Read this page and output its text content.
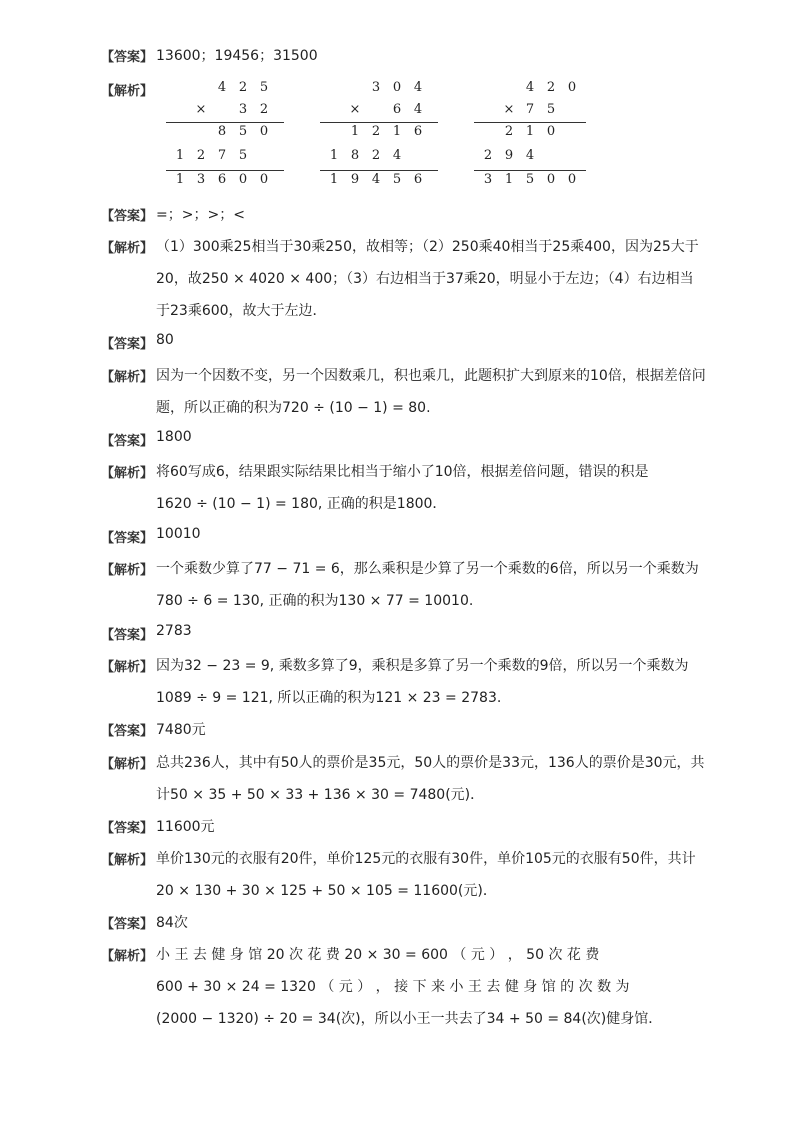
【答案】 13600；19456；31500
【解析】
【答案】 =；>；>；<
【解析】 （1）300乘25相当于30乘250，故相等；（2）250乘40相当于25乘400，因为25大于
20，故250 × 4020 × 400；（3）右边相当于37乘20，明显小于左边；（4）右边相当
于23乘600，故大于左边．
【答案】 80
【解析】 因为一个因数不变，另一个因数乘几，积也乘几，此题积扩大到原来的10倍，根据差倍问
题，所以正确的积为720 ÷ (10 − 1) = 80.
【答案】 1800
【解析】 将60写成6，结果跟实际结果比相当于缩小了10倍，根据差倍问题，错误的积是
1620 ÷ (10 − 1) = 180, 正确的积是1800．
【答案】 10010
【解析】 一个乘数少算了77 − 71 = 6，那么乘积是少算了另一个乘数的6倍，所以另一个乘数为
780 ÷ 6 = 130, 正确的积为130 × 77 = 10010.
【答案】 2783
【解析】 因为32 − 23 = 9, 乘数多算了9，乘积是多算了另一个乘数的9倍，所以另一个乘数为
1089 ÷ 9 = 121, 所以正确的积为121 × 23 = 2783.
【答案】 7480元
【解析】 总共236人，其中有50人的票价是35元，50人的票价是33元，136人的票价是30元，共
计50 × 35 + 50 × 33 + 136 × 30 = 7480(元)．
【答案】 11600元
【解析】 单价130元的衣服有20件，单价125元的衣服有30件，单价105元的衣服有50件，共计
20 × 130 + 30 × 125 + 50 × 105 = 11600(元)．
【答案】 84次
【解析】 小 王 去 健 身 馆 20 次 花 费 20 × 30 = 600 （ 元 ） ， 50 次 花 费
600 + 30 × 24 = 1320 （ 元 ） ， 接 下 来 小 王 去 健 身 馆 的 次 数 为
(2000 − 1320) ÷ 20 = 34(次)，所以小王一共去了34 + 50 = 84(次)健身馆．
4 2 5
×	3 2
8 5 0
1 2 7 5
1 3 6 0 0
3 0 4
×	6 4
1 2 1 6
1 8 2 4
1 9 4 5 6
4 2 0
× 7 5
2 1 0
2 9 4
3 1 5 0 0
